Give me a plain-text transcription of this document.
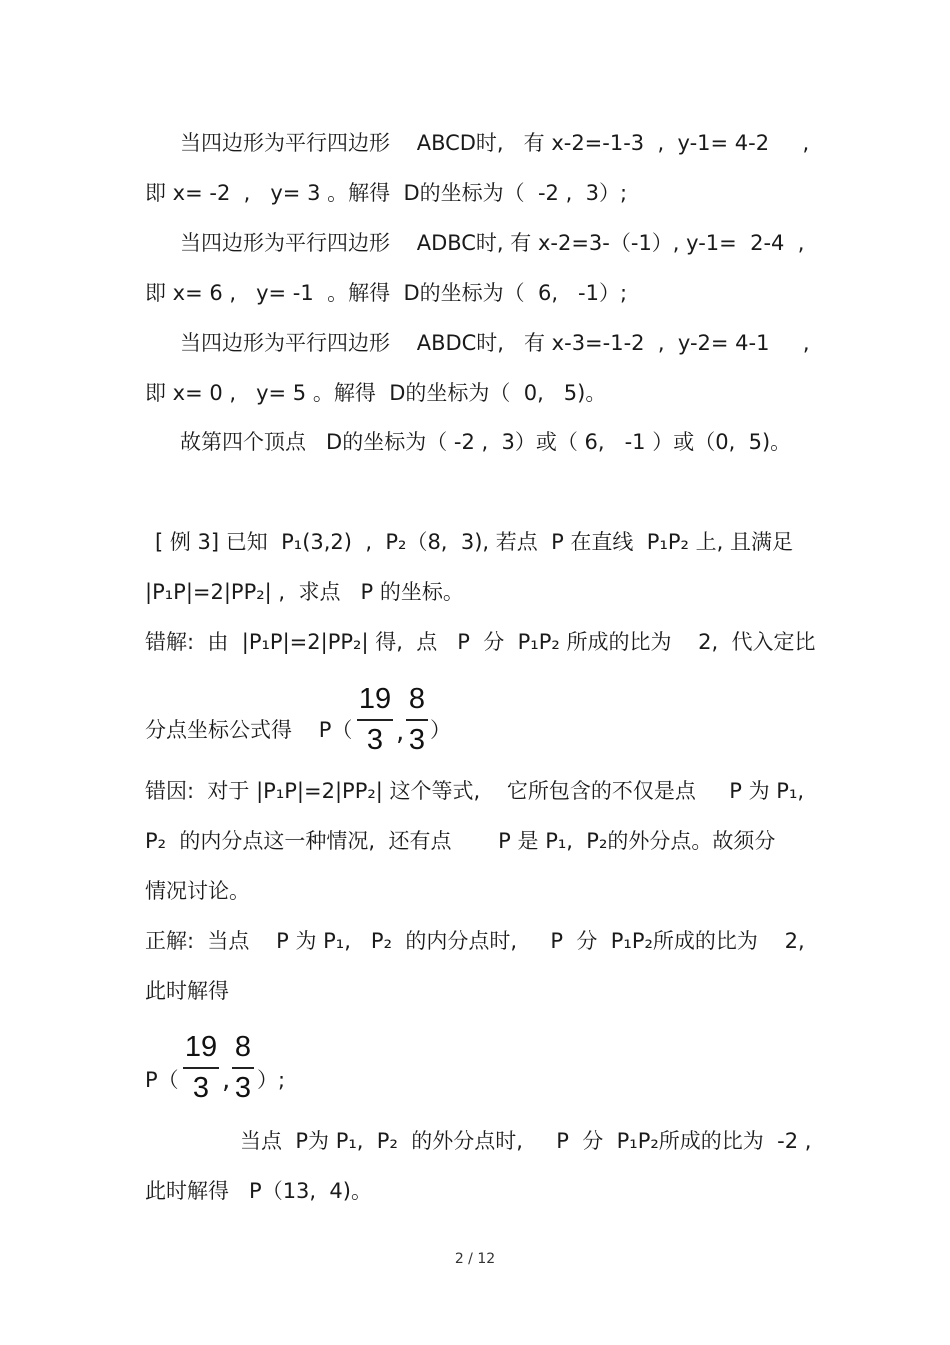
当四边形为平行四边形    ABCD时,   有 x-2=-1-3  ,  y-1= 4-2     ,
即 x= -2  ,   y= 3 。解得  D的坐标为（  -2 ,  3）;
当四边形为平行四边形    ADBC时, 有 x-2=3-（-1）, y-1=  2-4  ,
即 x= 6 ,   y= -1  。解得  D的坐标为（  6,   -1）;
当四边形为平行四边形    ABDC时,   有 x-3=-1-2  ,  y-2= 4-1     ,
即 x= 0 ,   y= 5 。解得  D的坐标为（  0,   5)。
故第四个顶点   D的坐标为（ -2 ,  3）或（ 6,   -1 ）或（0,  5)。
[ 例 3] 已知  P₁(3,2)  ,  P₂（8,  3), 若点  P 在直线  P₁P₂ 上, 且满足
|P₁P|=2|PP₂| ,  求点   P 的坐标。
错解:  由  |P₁P|=2|PP₂| 得,  点   P  分  P₁P₂ 所成的比为    2,  代入定比
分点坐标公式得    P（
19
3 ,
8
3 ）
错因:  对于 |P₁P|=2|PP₂| 这个等式,    它所包含的不仅是点     P 为 P₁,
P₂  的内分点这一种情况,  还有点       P 是 P₁,  P₂的外分点。故须分
情况讨论。
正解:  当点    P 为 P₁,   P₂  的内分点时,     P  分  P₁P₂所成的比为    2,
此时解得
P（
19
3 ,
8
3 ）;
当点  P为 P₁,  P₂  的外分点时,     P  分  P₁P₂所成的比为  -2 ,
此时解得   P（13,  4)。
2 / 12
